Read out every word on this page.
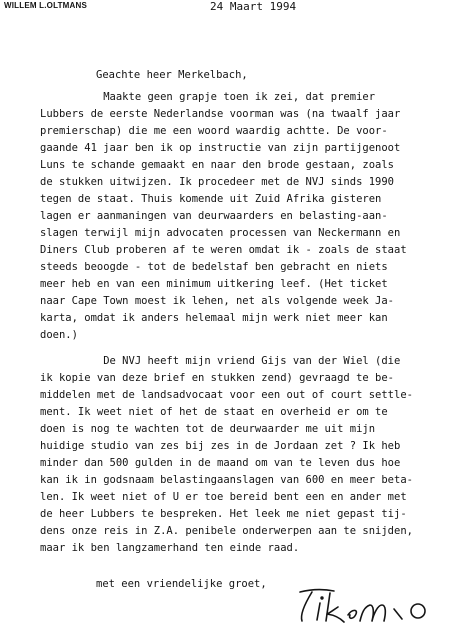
WILLEM L.OLTMANS	24 Maart 1994
Geachte heer Merkelbach,
Maakte geen grapje toen ik zei, dat premier
Lubbers de eerste Nederlandse voorman was (na twaalf jaar
premierschap) die me een woord waardig achtte. De voor-
gaande 41 jaar ben ik op instructie van zijn partijgenoot
Luns te schande gemaakt en naar den brode gestaan, zoals
de stukken uitwijzen. Ik procedeer met de NVJ sinds 1990
tegen de staat. Thuis komende uit Zuid Afrika gisteren
lagen er aanmaningen van deurwaarders en belasting-aan-
slagen terwijl mijn advocaten processen van Neckermann en
Diners Club proberen af te weren omdat ik - zoals de staat
steeds beoogde - tot de bedelstaf ben gebracht en niets
meer heb en van een minimum uitkering leef. (Het ticket
naar Cape Town moest ik lehen, net als volgende week Ja-
karta, omdat ik anders helemaal mijn werk niet meer kan
doen.)
De NVJ heeft mijn vriend Gijs van der Wiel (die
ik kopie van deze brief en stukken zend) gevraagd te be-
middelen met de landsadvocaat voor een out of court settle-
ment. Ik weet niet of het de staat en overheid er om te
doen is nog te wachten tot de deurwaarder me uit mijn
huidige studio van zes bij zes in de Jordaan zet ? Ik heb
minder dan 500 gulden in de maand om van te leven dus hoe
kan ik in godsnaam belastingaanslagen van 600 en meer beta-
len. Ik weet niet of U er toe bereid bent een en ander met
de heer Lubbers te bespreken. Het leek me niet gepast tij-
dens onze reis in Z.A. penibele onderwerpen aan te snijden,
maar ik ben langzamerhand ten einde raad.
met een vriendelijke groet,
